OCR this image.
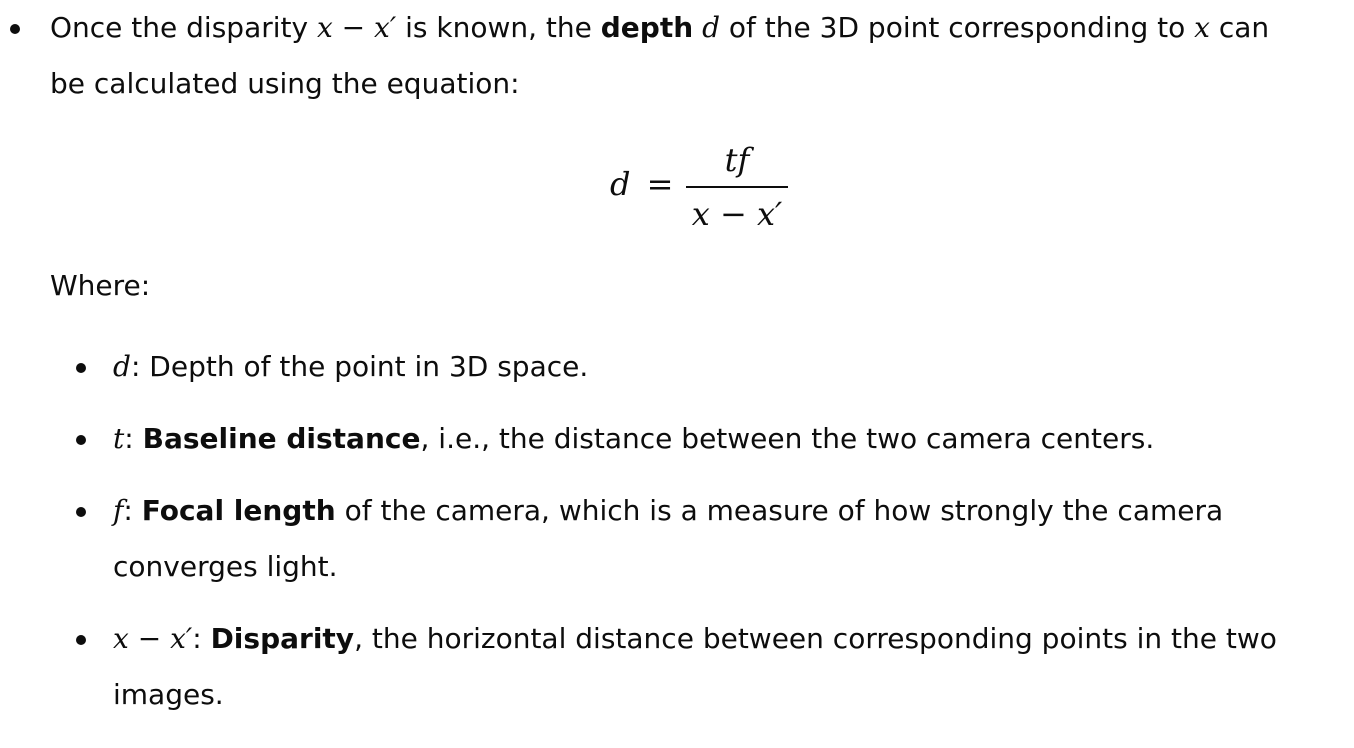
Once the disparity x − x′ is known, the depth d of the 3D point corresponding to x can
be calculated using the equation:
d =
tf
x − x′
Where:
d: Depth of the point in 3D space.
t: Baseline distance, i.e., the distance between the two camera centers.
f: Focal length of the camera, which is a measure of how strongly the camera
converges light.
x − x′: Disparity, the horizontal distance between corresponding points in the two
images.
